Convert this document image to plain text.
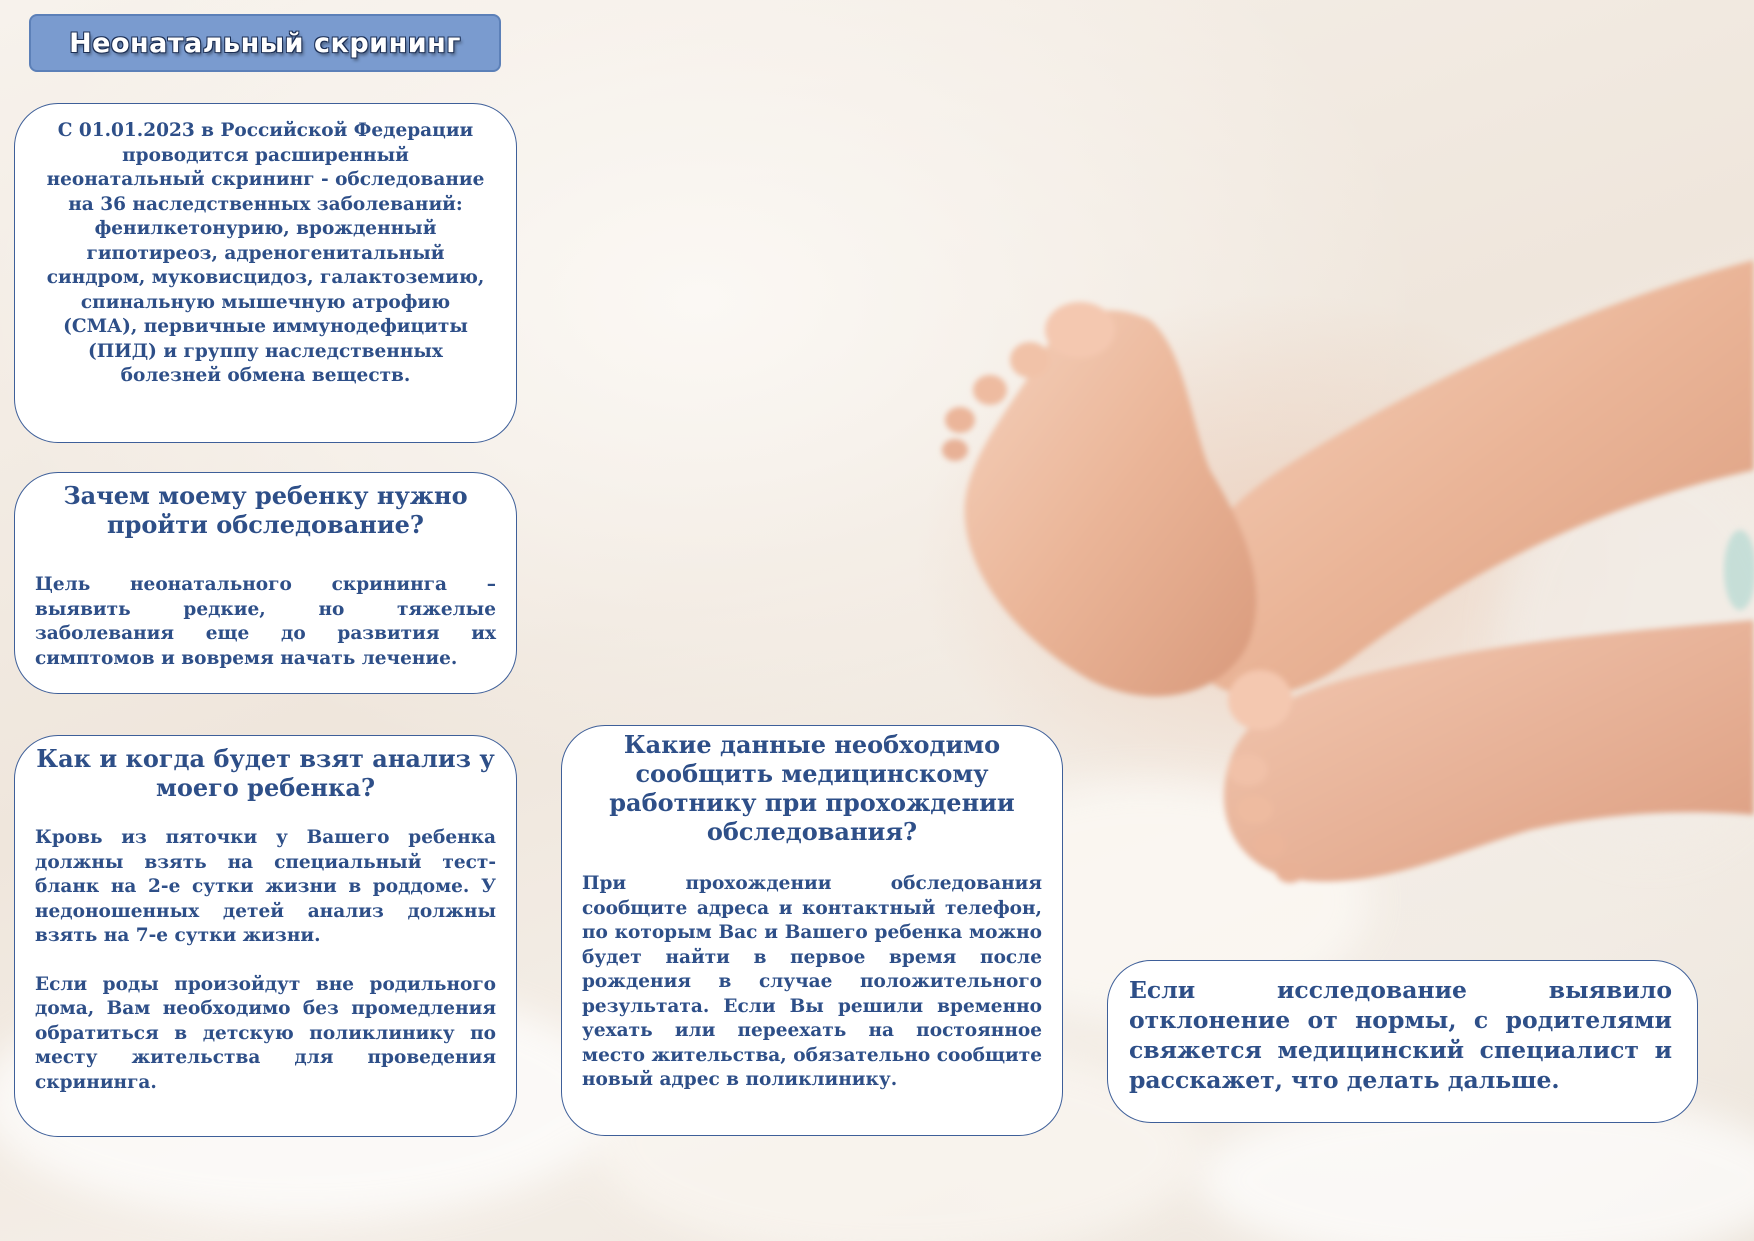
Неонатальный скрининг

С 01.01.2023 в Российской Федерации проводится расширенный неонатальный скрининг - обследование на 36 наследственных заболеваний: фенилкетонурию, врожденный гипотиреоз, адреногенитальный синдром, муковисцидоз, галактоземию, спинальную мышечную атрофию (СМА), первичные иммунодефициты (ПИД) и группу наследственных болезней обмена веществ.

Зачем моему ребенку нужно пройти обследование?

Цель неонатального скрининга – выявить редкие, но тяжелые заболевания еще до развития их симптомов и вовремя начать лечение.

Как и когда будет взят анализ у моего ребенка?

Кровь из пяточки у Вашего ребенка должны взять на специальный тест-бланк на 2-е сутки жизни в роддоме. У недоношенных детей анализ должны взять на 7-е сутки жизни.

Если роды произойдут вне родильного дома, Вам необходимо без промедления обратиться в детскую поликлинику по месту жительства для проведения скрининга.

Какие данные необходимо сообщить медицинскому работнику при прохождении обследования?

При прохождении обследования сообщите адреса и контактный телефон, по которым Вас и Вашего ребенка можно будет найти в первое время после рождения в случае положительного результата. Если Вы решили временно уехать или переехать на постоянное место жительства, обязательно сообщите новый адрес в поликлинику.

Если исследование выявило отклонение от нормы, с родителями свяжется медицинский специалист и расскажет, что делать дальше.
